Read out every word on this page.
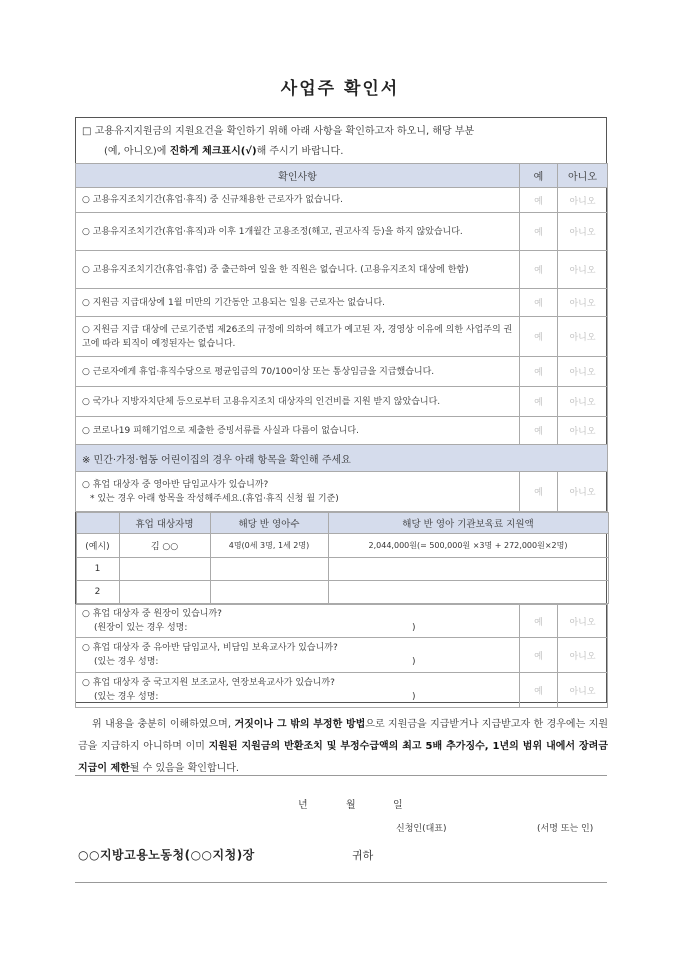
사업주 확인서
□ 고용유지지원금의 지원요건을 확인하기 위해 아래 사항을 확인하고자 하오니, 해당 부분
(예, 아니오)에 진하게 체크표시(√)해 주시기 바랍니다.
확인사항	예	아니오
○ 고용유지조치기간(휴업·휴직) 중 신규채용한 근로자가 없습니다.	예	아니오
○ 고용유지조치기간(휴업·휴직)과 이후 1개월간 고용조정(해고, 권고사직 등)을 하지 않았습니다.	예	아니오
○ 고용유지조치기간(휴업·휴업) 중 출근하여 일을 한 직원은 없습니다. (고용유지조치 대상에 한함)	예	아니오
○ 지원금 지급대상에 1월 미만의 기간동안 고용되는 일용 근로자는 없습니다.	예	아니오
○ 지원금 지급 대상에 근로기준법 제26조의 규정에 의하여 해고가 예고된 자, 경영상 이유에 의한 사업주의 권고에 따라 퇴직이 예정된자는 없습니다.	예	아니오
○ 근로자에게 휴업·휴직수당으로 평균임금의 70/100이상 또는 통상임금을 지급했습니다.	예	아니오
○ 국가나 지방자치단체 등으로부터 고용유지조치 대상자의 인건비를 지원 받지 않았습니다.	예	아니오
○ 코로나19 피해기업으로 제출한 증빙서류를 사실과 다름이 없습니다.	예	아니오
※ 민간·가정·협동 어린이집의 경우 아래 항목을 확인해 주세요

○ 휴업 대상자 중 영아반 담임교사가 있습니까?
* 있는 경우 아래 항목을 작성해주세요.(휴업·휴직 신청 월 기준)
	예	아니오

	휴업 대상자명	해당 반 영아수	해당 반 영아 기관보육료 지원액
(예시)	김 ○○	4명(0세 3명, 1세 2명)	2,044,000원(= 500,000원 ×3명 + 272,000원×2명)
1			
2			

○ 휴업 대상자 중 원장이 있습니까?
(원장이 있는 경우 성명:	)
	예	아니오

○ 휴업 대상자 중 유아반 담임교사, 비담임 보육교사가 있습니까?
(있는 경우 성명:	)
	예	아니오

○ 휴업 대상자 중 국고지원 보조교사, 연장보육교사가 있습니까?
(있는 경우 성명:	)
	예	아니오
위 내용을 충분히 이해하였으며, 거짓이나 그 밖의 부정한 방법으로 지원금을 지급받거나 지급받고자 한 경우에는 지원금을 지급하지 아니하며 이미 지원된 지원금의 반환조치 및 부정수급액의 최고 5배 추가징수, 1년의 범위 내에서 장려금 지급이 제한될 수 있음을 확인합니다.
년	월	일
신청인(대표)	(서명 또는 인)
○○지방고용노동청(○○지청)장	귀하
